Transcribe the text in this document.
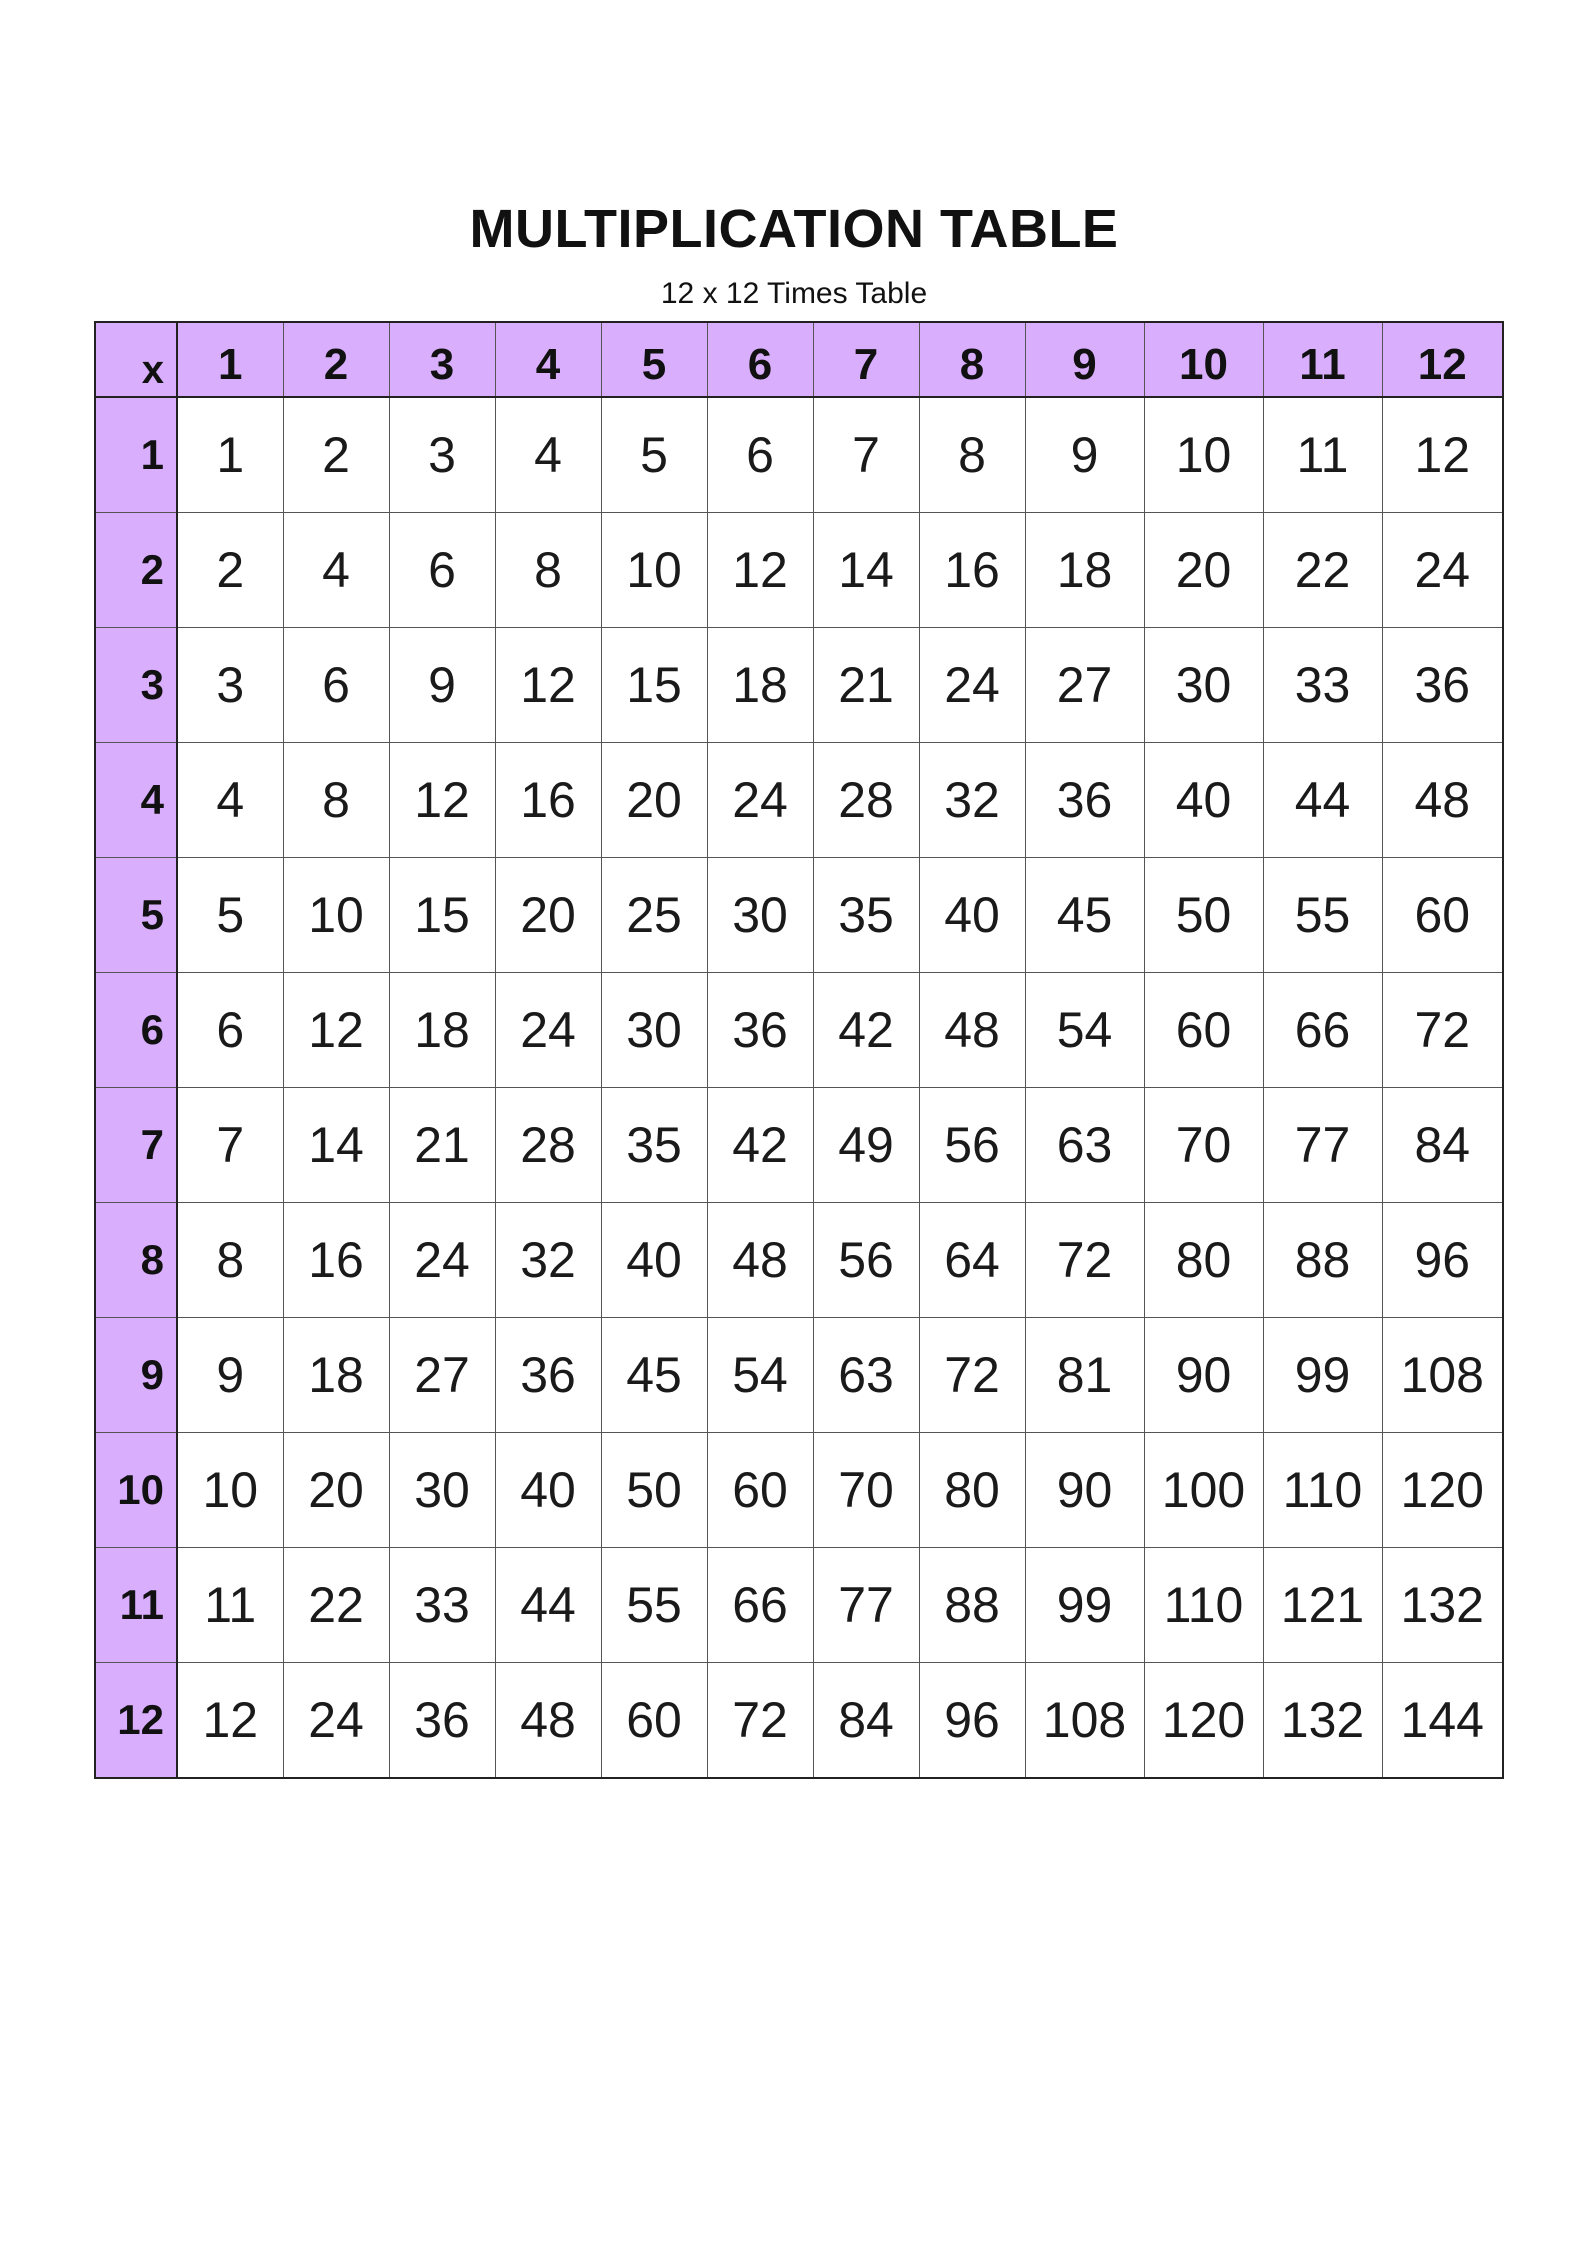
MULTIPLICATION TABLE
12 x 12 Times Table
x	1	2	3	4	5	6	7	8	9	10	11	12
1	1	2	3	4	5	6	7	8	9	10	11	12
2	2	4	6	8	10	12	14	16	18	20	22	24
3	3	6	9	12	15	18	21	24	27	30	33	36
4	4	8	12	16	20	24	28	32	36	40	44	48
5	5	10	15	20	25	30	35	40	45	50	55	60
6	6	12	18	24	30	36	42	48	54	60	66	72
7	7	14	21	28	35	42	49	56	63	70	77	84
8	8	16	24	32	40	48	56	64	72	80	88	96
9	9	18	27	36	45	54	63	72	81	90	99	108
10	10	20	30	40	50	60	70	80	90	100	110	120
11	11	22	33	44	55	66	77	88	99	110	121	132
12	12	24	36	48	60	72	84	96	108	120	132	144
